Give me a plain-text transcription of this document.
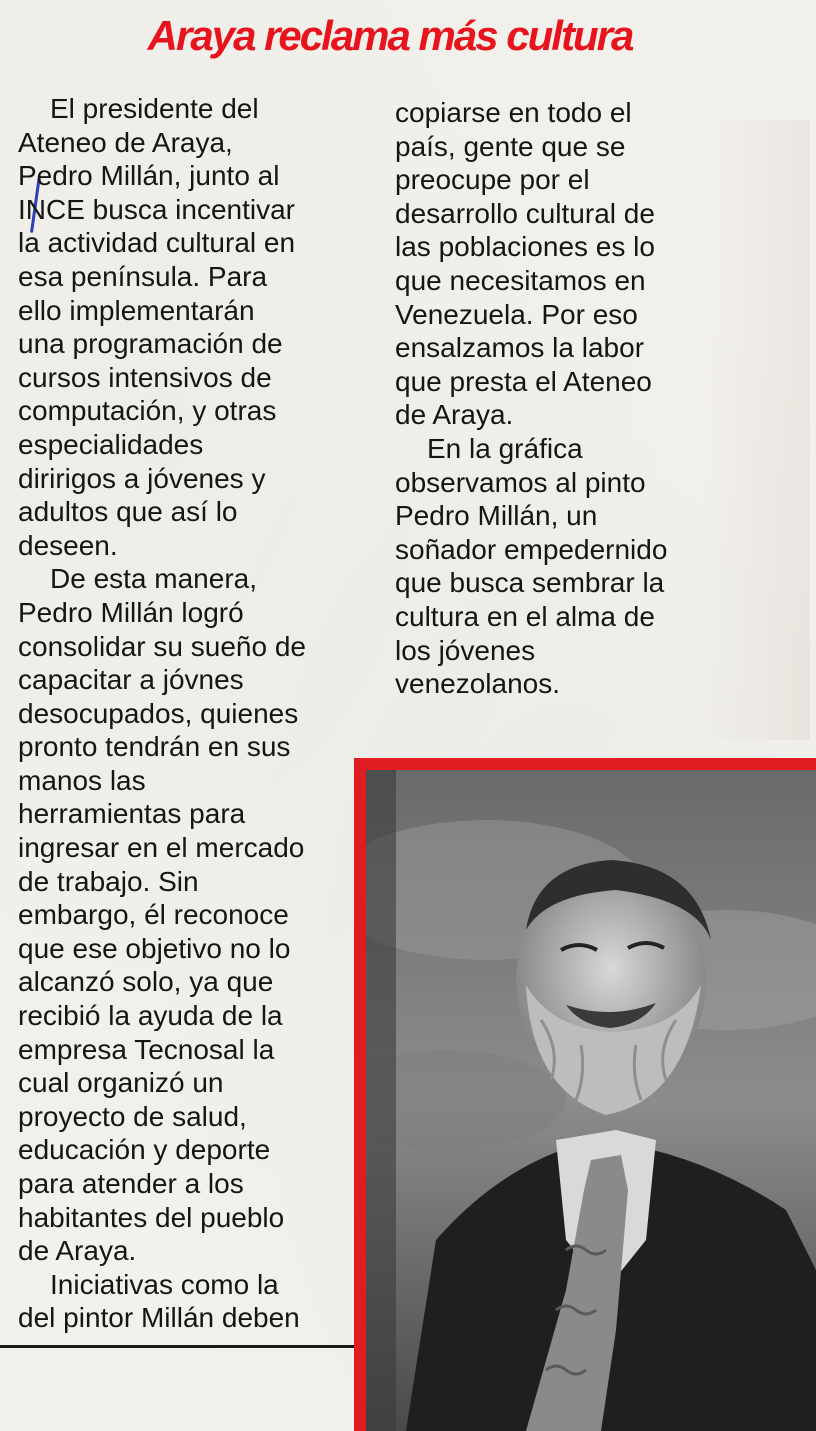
Araya reclama más cultura
El presidente del
Ateneo de Araya,
Pedro Millán, junto al
INCE busca incentivar
la actividad cultural en
esa península. Para
ello implementarán
una programación de
cursos intensivos de
computación, y otras
especialidades
diririgos a jóvenes y
adultos que así lo
deseen.
De esta manera,
Pedro Millán logró
consolidar su sueño de
capacitar a jóvnes
desocupados, quienes
pronto tendrán en sus
manos las
herramientas para
ingresar en el mercado
de trabajo. Sin
embargo, él reconoce
que ese objetivo no lo
alcanzó solo, ya que
recibió la ayuda de la
empresa Tecnosal la
cual organizó un
proyecto de salud,
educación y deporte
para atender a los
habitantes del pueblo
de Araya.
Iniciativas como la
del pintor Millán deben
copiarse en todo el
país, gente que se
preocupe por el
desarrollo cultural de
las poblaciones es lo
que necesitamos en
Venezuela. Por eso
ensalzamos la labor
que presta el Ateneo
de Araya.
En la gráfica
observamos al pinto
Pedro Millán, un
soñador empedernido
que busca sembrar la
cultura en el alma de
los jóvenes
venezolanos.
